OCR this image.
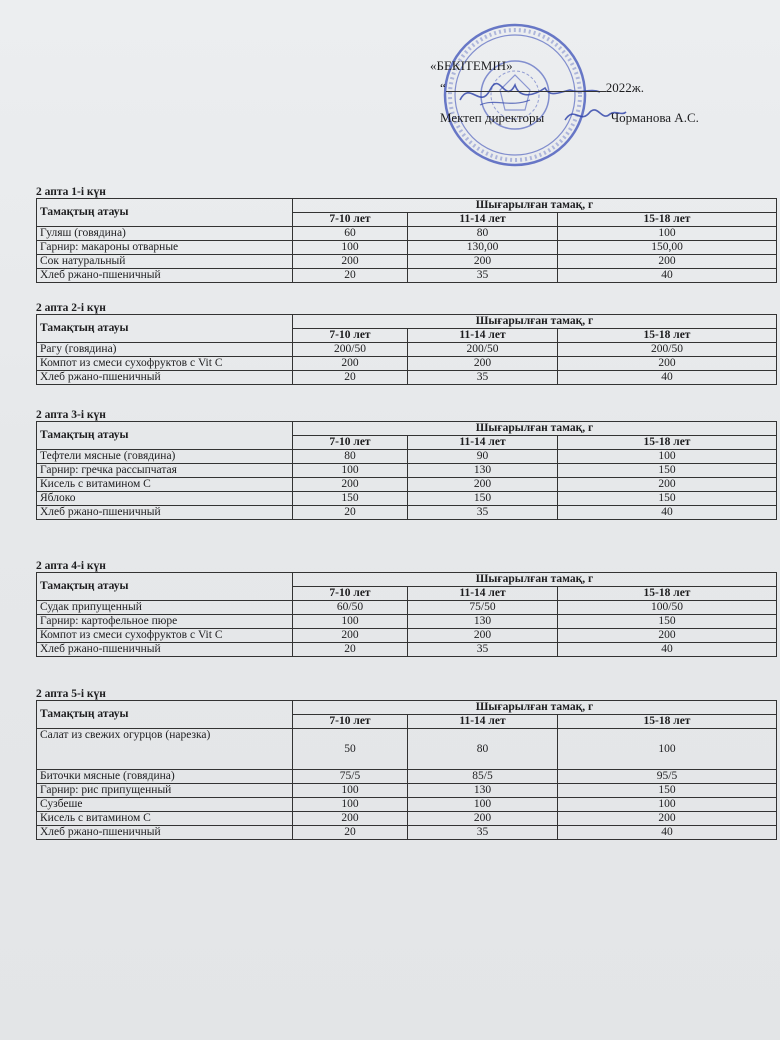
«БЕКІТЕМІН»
“	2022ж.
Мектеп директоры	Чорманова А.С.
2 апта 1-і күн
Тамақтың атауы	Шығарылған тамақ, г		
	7-10 лет	11-14 лет	15-18 лет
Гуляш (говядина)	60	80	100
Гарнир: макароны отварные	100	130,00	150,00
Сок натуральный	200	200	200
Хлеб ржано-пшеничный	20	35	40
2 апта 2-і күн
Тамақтың атауы	Шығарылған тамақ, г		
	7-10 лет	11-14 лет	15-18 лет
Рагу (говядина)	200/50	200/50	200/50
Компот из смеси сухофруктов с Vit C	200	200	200
Хлеб ржано-пшеничный	20	35	40
2 апта 3-і күн
Тамақтың атауы	Шығарылған тамақ, г		
	7-10 лет	11-14 лет	15-18 лет
Тефтели мясные (говядина)	80	90	100
Гарнир: гречка рассыпчатая	100	130	150
Кисель с витамином С	200	200	200
Яблоко	150	150	150
Хлеб ржано-пшеничный	20	35	40
2 апта 4-і күн
Тамақтың атауы	Шығарылған тамақ, г		
	7-10 лет	11-14 лет	15-18 лет
Судак припущенный	60/50	75/50	100/50
Гарнир: картофельное пюре	100	130	150
Компот из смеси сухофруктов с Vit C	200	200	200
Хлеб ржано-пшеничный	20	35	40
2 апта 5-і күн
Тамақтың атауы	Шығарылған тамақ, г		
	7-10 лет	11-14 лет	15-18 лет
Салат из свежих огурцов (нарезка)	50	80	100
Биточки мясные (говядина)	75/5	85/5	95/5
Гарнир: рис припущенный	100	130	150
Сузбеше	100	100	100
Кисель с витамином С	200	200	200
Хлеб ржано-пшеничный	20	35	40
